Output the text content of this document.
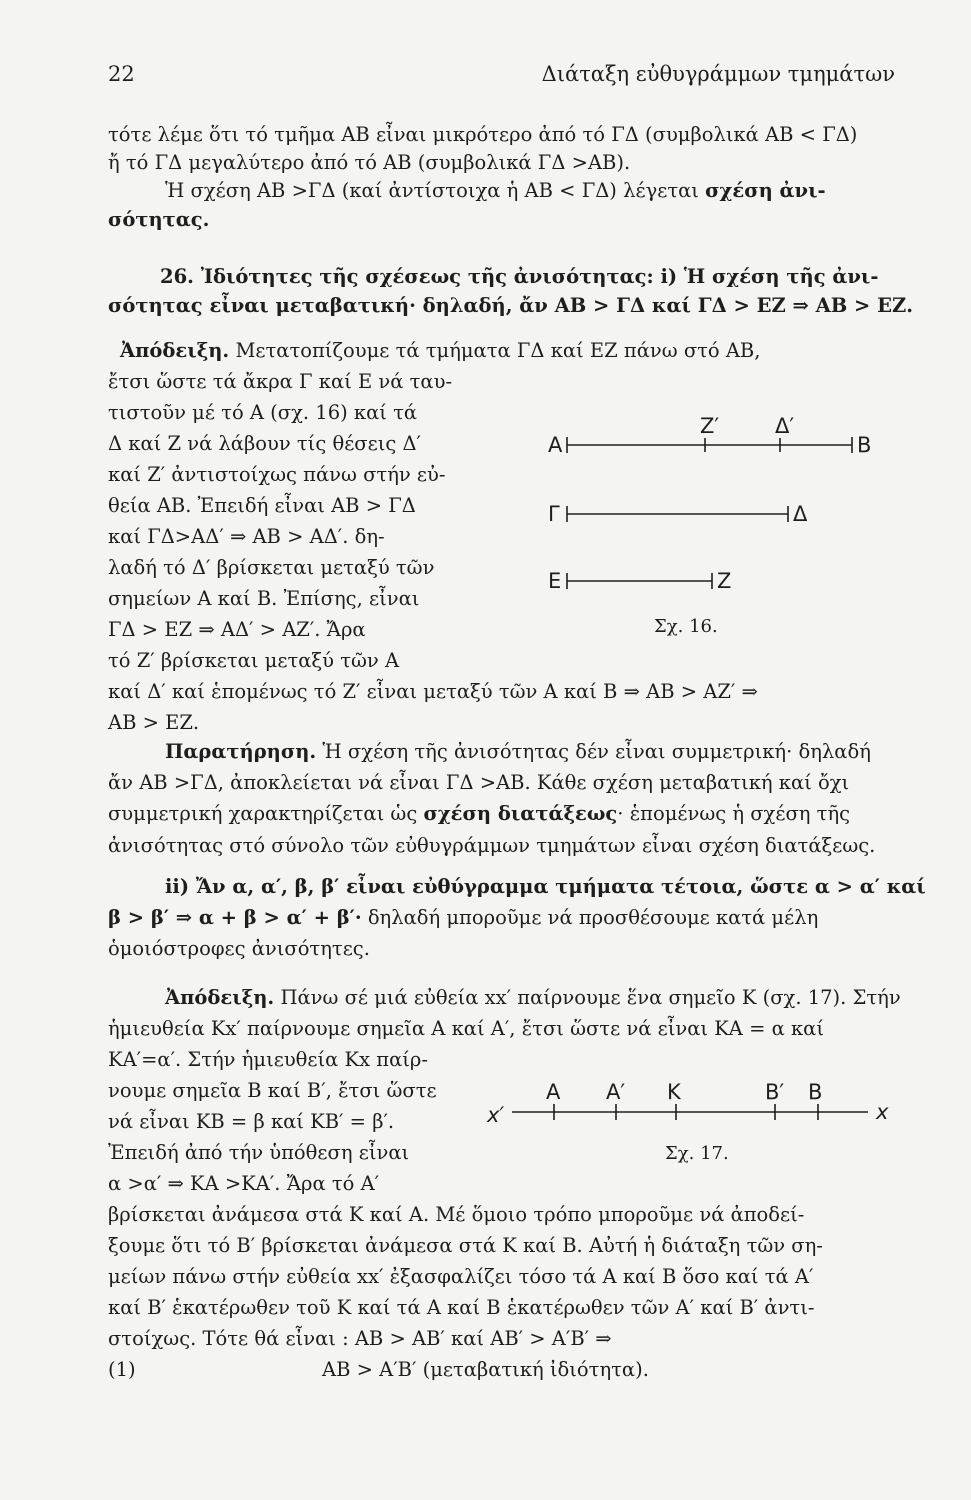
22	Διάταξη εὐθυγράμμων τμημάτων
τότε λέμε ὅτι τό τμῆμα ΑΒ εἶναι μικρότερο ἀπό τό ΓΔ (συμβολικά ΑΒ < ΓΔ)
ἤ τό ΓΔ μεγαλύτερο ἀπό τό ΑΒ (συμβολικά ΓΔ >ΑΒ).
Ἡ σχέση ΑΒ >ΓΔ (καί ἀντίστοιχα ἡ ΑΒ < ΓΔ) λέγεται σχέση ἀνι-
σότητας.
26. Ἰδιότητες τῆς σχέσεως τῆς ἀνισότητας: i) Ἡ σχέση τῆς ἀνι-
σότητας εἶναι μεταβατική· δηλαδή, ἄν ΑΒ > ΓΔ καί ΓΔ > ΕΖ ⇒ ΑΒ > ΕΖ.
Ἀπόδειξη. Μετατοπίζουμε τά τμήματα ΓΔ καί ΕΖ πάνω στό ΑΒ,
ἔτσι ὥστε τά ἄκρα Γ καί Ε νά ταυ-
τιστοῦν μέ τό Α (σχ. 16) καί τά
Δ καί Ζ νά λάβουν τίς θέσεις Δ′
καί Ζ′ ἀντιστοίχως πάνω στήν εὐ-
θεία ΑΒ. Ἐπειδή εἶναι ΑΒ > ΓΔ
καί ΓΔ>ΑΔ′ ⇒ ΑΒ > ΑΔ′. δη-
λαδή τό Δ′ βρίσκεται μεταξύ τῶν
σημείων Α καί Β. Ἐπίσης, εἶναι
ΓΔ > ΕΖ ⇒ ΑΔ′ > ΑΖ′. Ἄρα
τό Ζ′ βρίσκεται μεταξύ τῶν Α
καί Δ′ καί ἑπομένως τό Ζ′ εἶναι μεταξύ τῶν Α καί Β ⇒ ΑΒ > ΑΖ′ ⇒
ΑΒ > ΕΖ.
Α
Ζ′	Δ′
Β
Γ	Δ
Ε	Ζ
Σχ. 16.
Παρατήρηση. Ἡ σχέση τῆς ἀνισότητας δέν εἶναι συμμετρική· δηλαδή
ἄν ΑΒ >ΓΔ, ἀποκλείεται νά εἶναι ΓΔ >ΑΒ. Κάθε σχέση μεταβατική καί ὄχι
συμμετρική χαρακτηρίζεται ὡς σχέση διατάξεως· ἑπομένως ἡ σχέση τῆς
ἀνισότητας στό σύνολο τῶν εὐθυγράμμων τμημάτων εἶναι σχέση διατάξεως.
ii) Ἄν α, α′, β, β′ εἶναι εὐθύγραμμα τμήματα τέτοια, ὥστε α > α′ καί
β > β′ ⇒ α + β > α′ + β′· δηλαδή μποροῦμε νά προσθέσουμε κατά μέλη
ὁμοιόστροφες ἀνισότητες.
Ἀπόδειξη. Πάνω σέ μιά εὐθεία xx′ παίρνουμε ἕνα σημεῖο Κ (σχ. 17). Στήν
ἡμιευθεία Κx′ παίρνουμε σημεῖα Α καί Α′, ἔτσι ὥστε νά εἶναι ΚΑ = α καί
ΚΑ′=α′. Στήν ἡμιευθεία Κx παίρ-
νουμε σημεῖα Β καί Β′, ἔτσι ὥστε
νά εἶναι ΚΒ = β καί ΚΒ′ = β′.
Ἐπειδή ἀπό τήν ὑπόθεση εἶναι
α >α′ ⇒ ΚΑ >ΚΑ′. Ἄρα τό Α′
βρίσκεται ἀνάμεσα στά Κ καί Α. Μέ ὅμοιο τρόπο μποροῦμε νά ἀποδεί-
ξουμε ὅτι τό Β′ βρίσκεται ἀνάμεσα στά Κ καί Β. Αὐτή ἡ διάταξη τῶν ση-
μείων πάνω στήν εὐθεία xx′ ἐξασφαλίζει τόσο τά Α καί Β ὅσο καί τά Α′
καί Β′ ἑκατέρωθεν τοῦ Κ καί τά Α καί Β ἑκατέρωθεν τῶν Α′ καί Β′ ἀντι-
στοίχως. Τότε θά εἶναι : ΑΒ > ΑΒ′ καί ΑΒ′ > Α′Β′ ⇒
(1)	ΑΒ > Α′Β′ (μεταβατική ἰδιότητα).
x′
Α Α′ Κ	Β′ Β
x
Σχ. 17.
